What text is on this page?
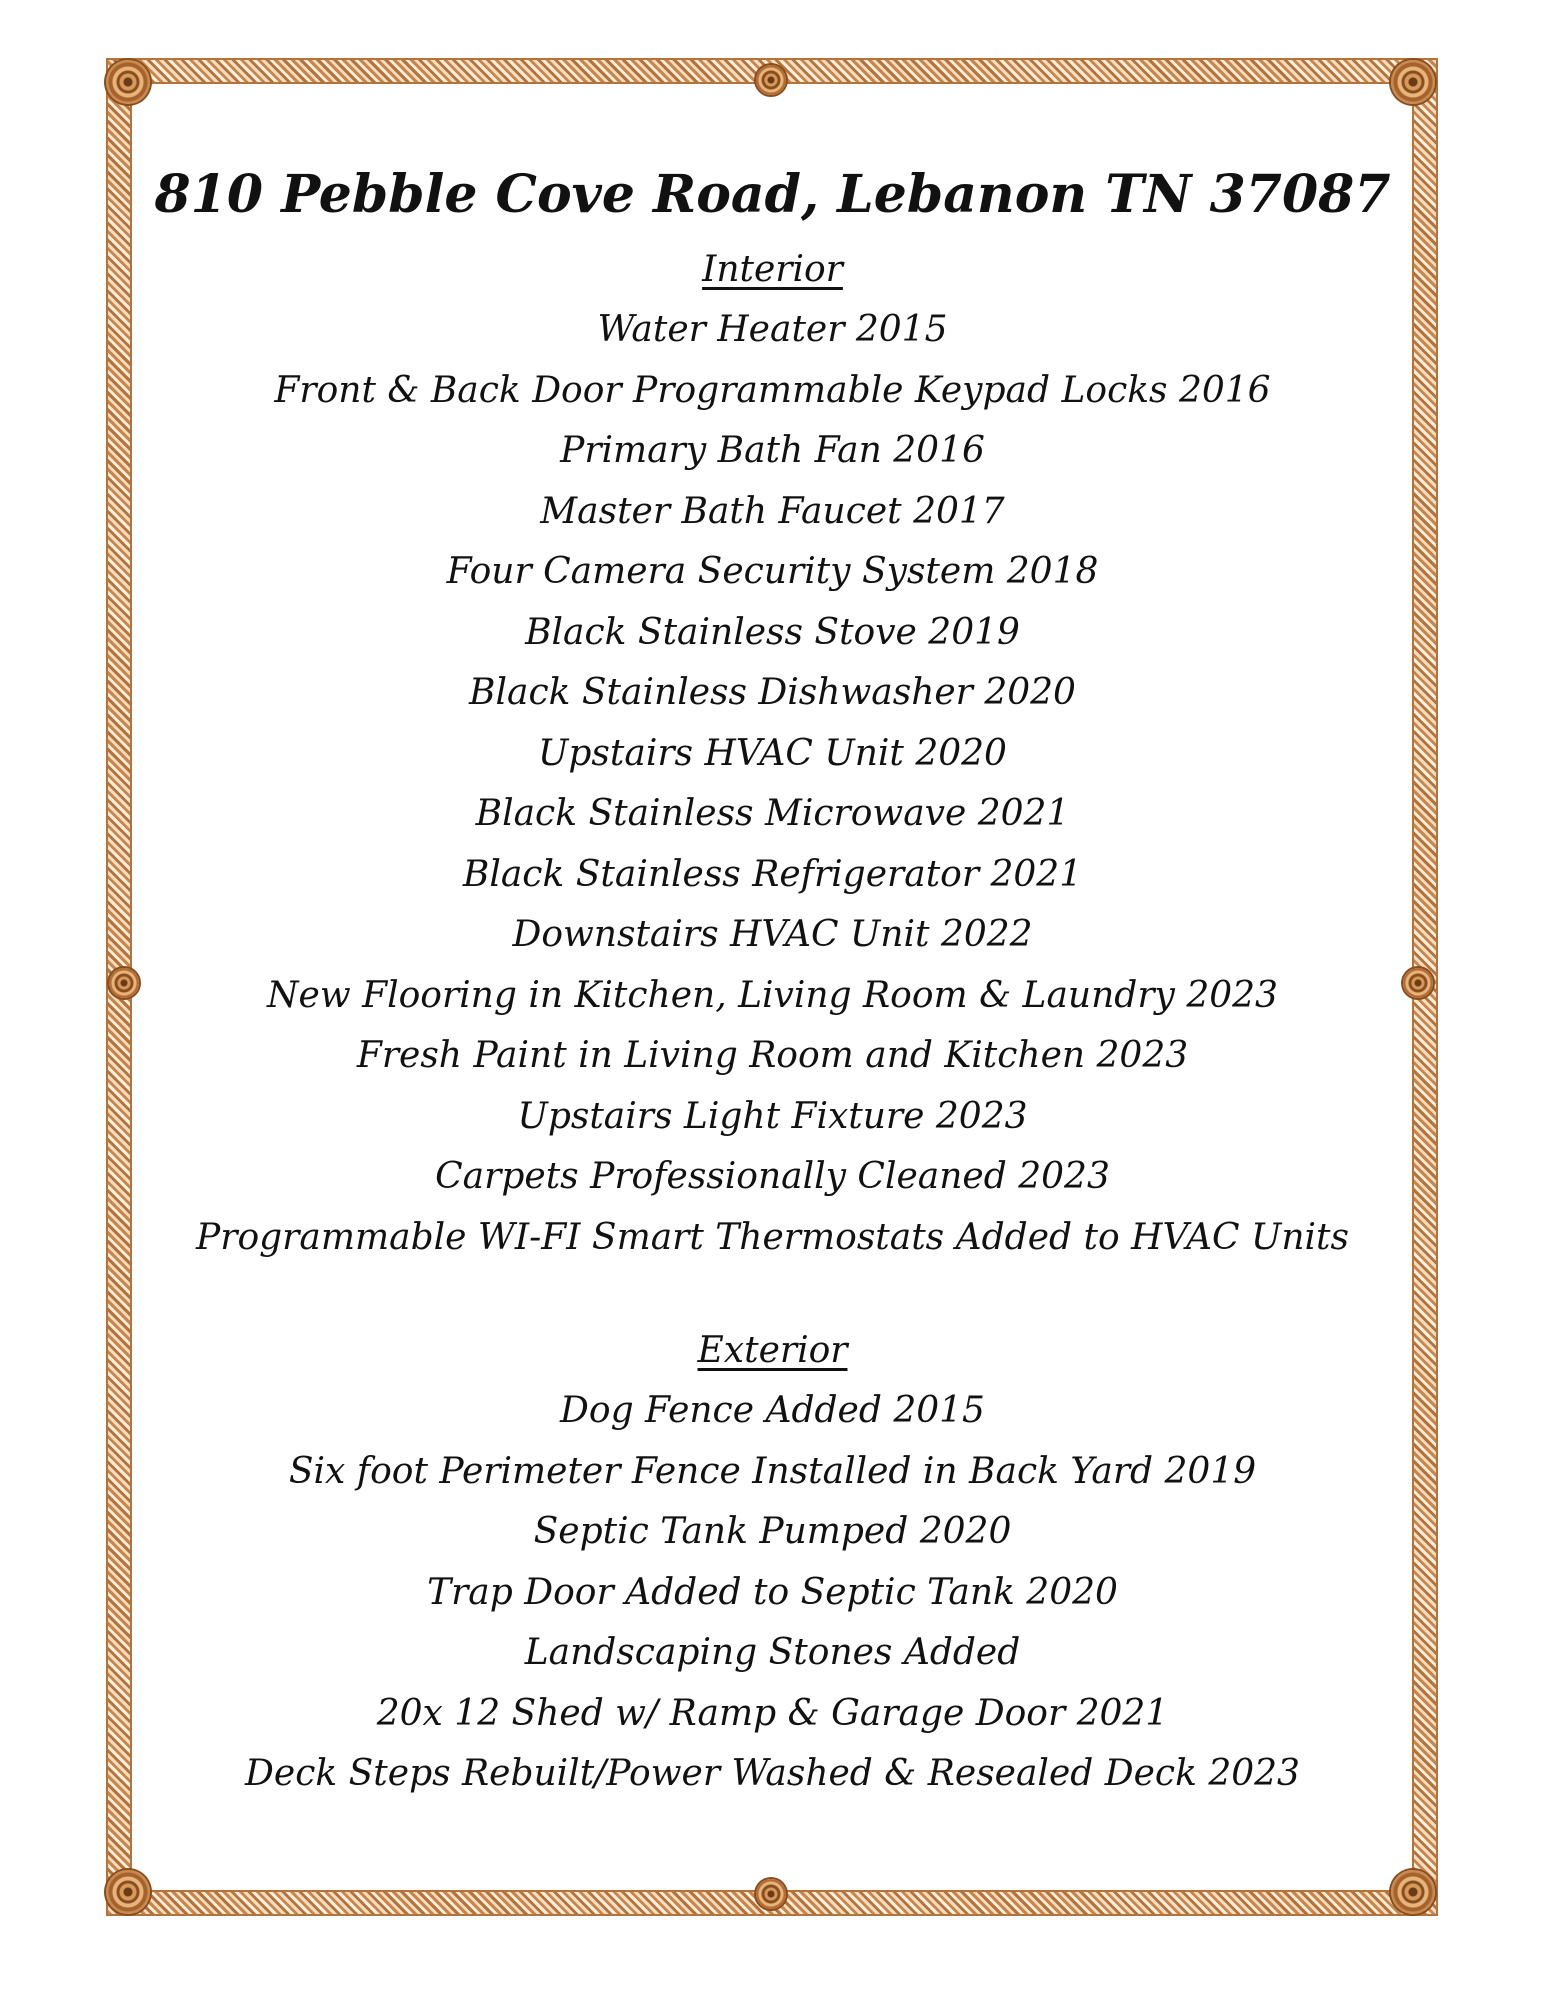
810 Pebble Cove Road, Lebanon TN 37087
Interior
Water Heater 2015
Front & Back Door Programmable Keypad Locks 2016
Primary Bath Fan 2016
Master Bath Faucet 2017
Four Camera Security System 2018
Black Stainless Stove 2019
Black Stainless Dishwasher 2020
Upstairs HVAC Unit 2020
Black Stainless Microwave 2021
Black Stainless Refrigerator 2021
Downstairs HVAC Unit 2022
New Flooring in Kitchen, Living Room & Laundry 2023
Fresh Paint in Living Room and Kitchen 2023
Upstairs Light Fixture 2023
Carpets Professionally Cleaned 2023
Programmable WI-FI Smart Thermostats Added to HVAC Units
Exterior
Dog Fence Added 2015
Six foot Perimeter Fence Installed in Back Yard 2019
Septic Tank Pumped 2020
Trap Door Added to Septic Tank 2020
Landscaping Stones Added
20x 12 Shed w/ Ramp & Garage Door 2021
Deck Steps Rebuilt/Power Washed & Resealed Deck 2023
